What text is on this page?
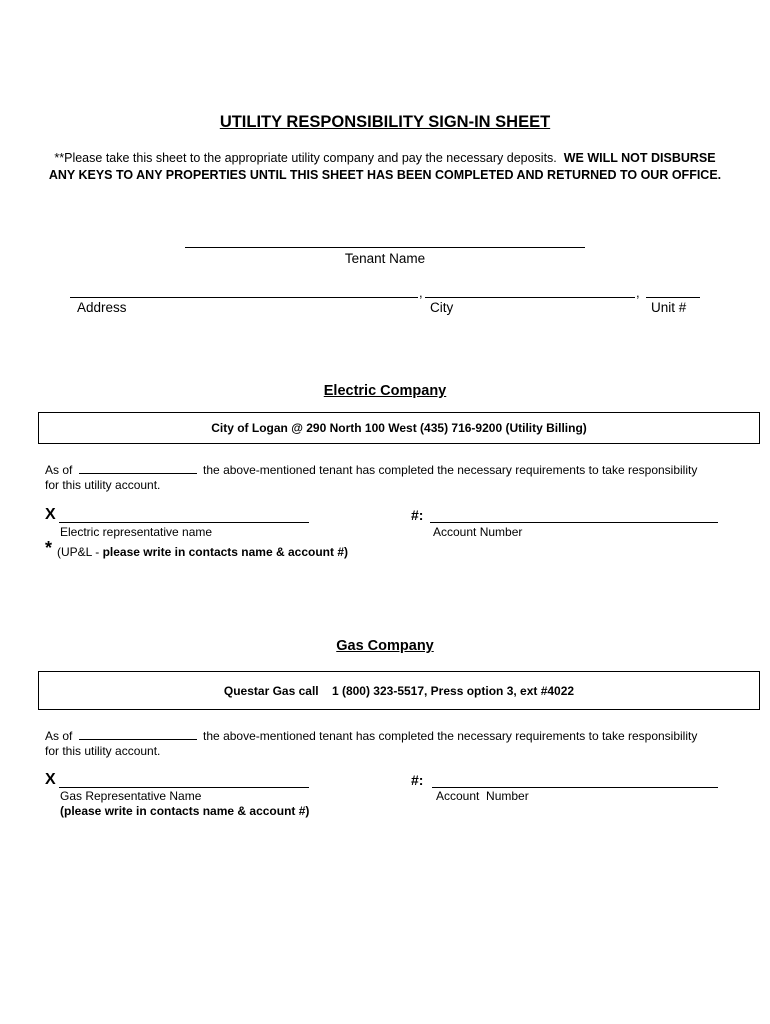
UTILITY RESPONSIBILITY SIGN-IN SHEET
**Please take this sheet to the appropriate utility company and pay the necessary deposits. WE WILL NOT DISBURSE ANY KEYS TO ANY PROPERTIES UNTIL THIS SHEET HAS BEEN COMPLETED AND RETURNED TO OUR OFFICE.
Tenant Name
,	,
Address	City	Unit #
Electric Company
City of Logan @ 290 North 100 West (435) 716-9200 (Utility Billing)
As of	the above-mentioned tenant has completed the necessary requirements to take responsibility
for this utility account.
X	#:
Electric representative name	Account Number
* (UP&L - please write in contacts name & account #)
Gas Company
Questar Gas call    1 (800) 323-5517, Press option 3, ext #4022
As of	the above-mentioned tenant has completed the necessary requirements to take responsibility
for this utility account.
X	#:
Gas Representative Name	Account  Number
(please write in contacts name & account #)
